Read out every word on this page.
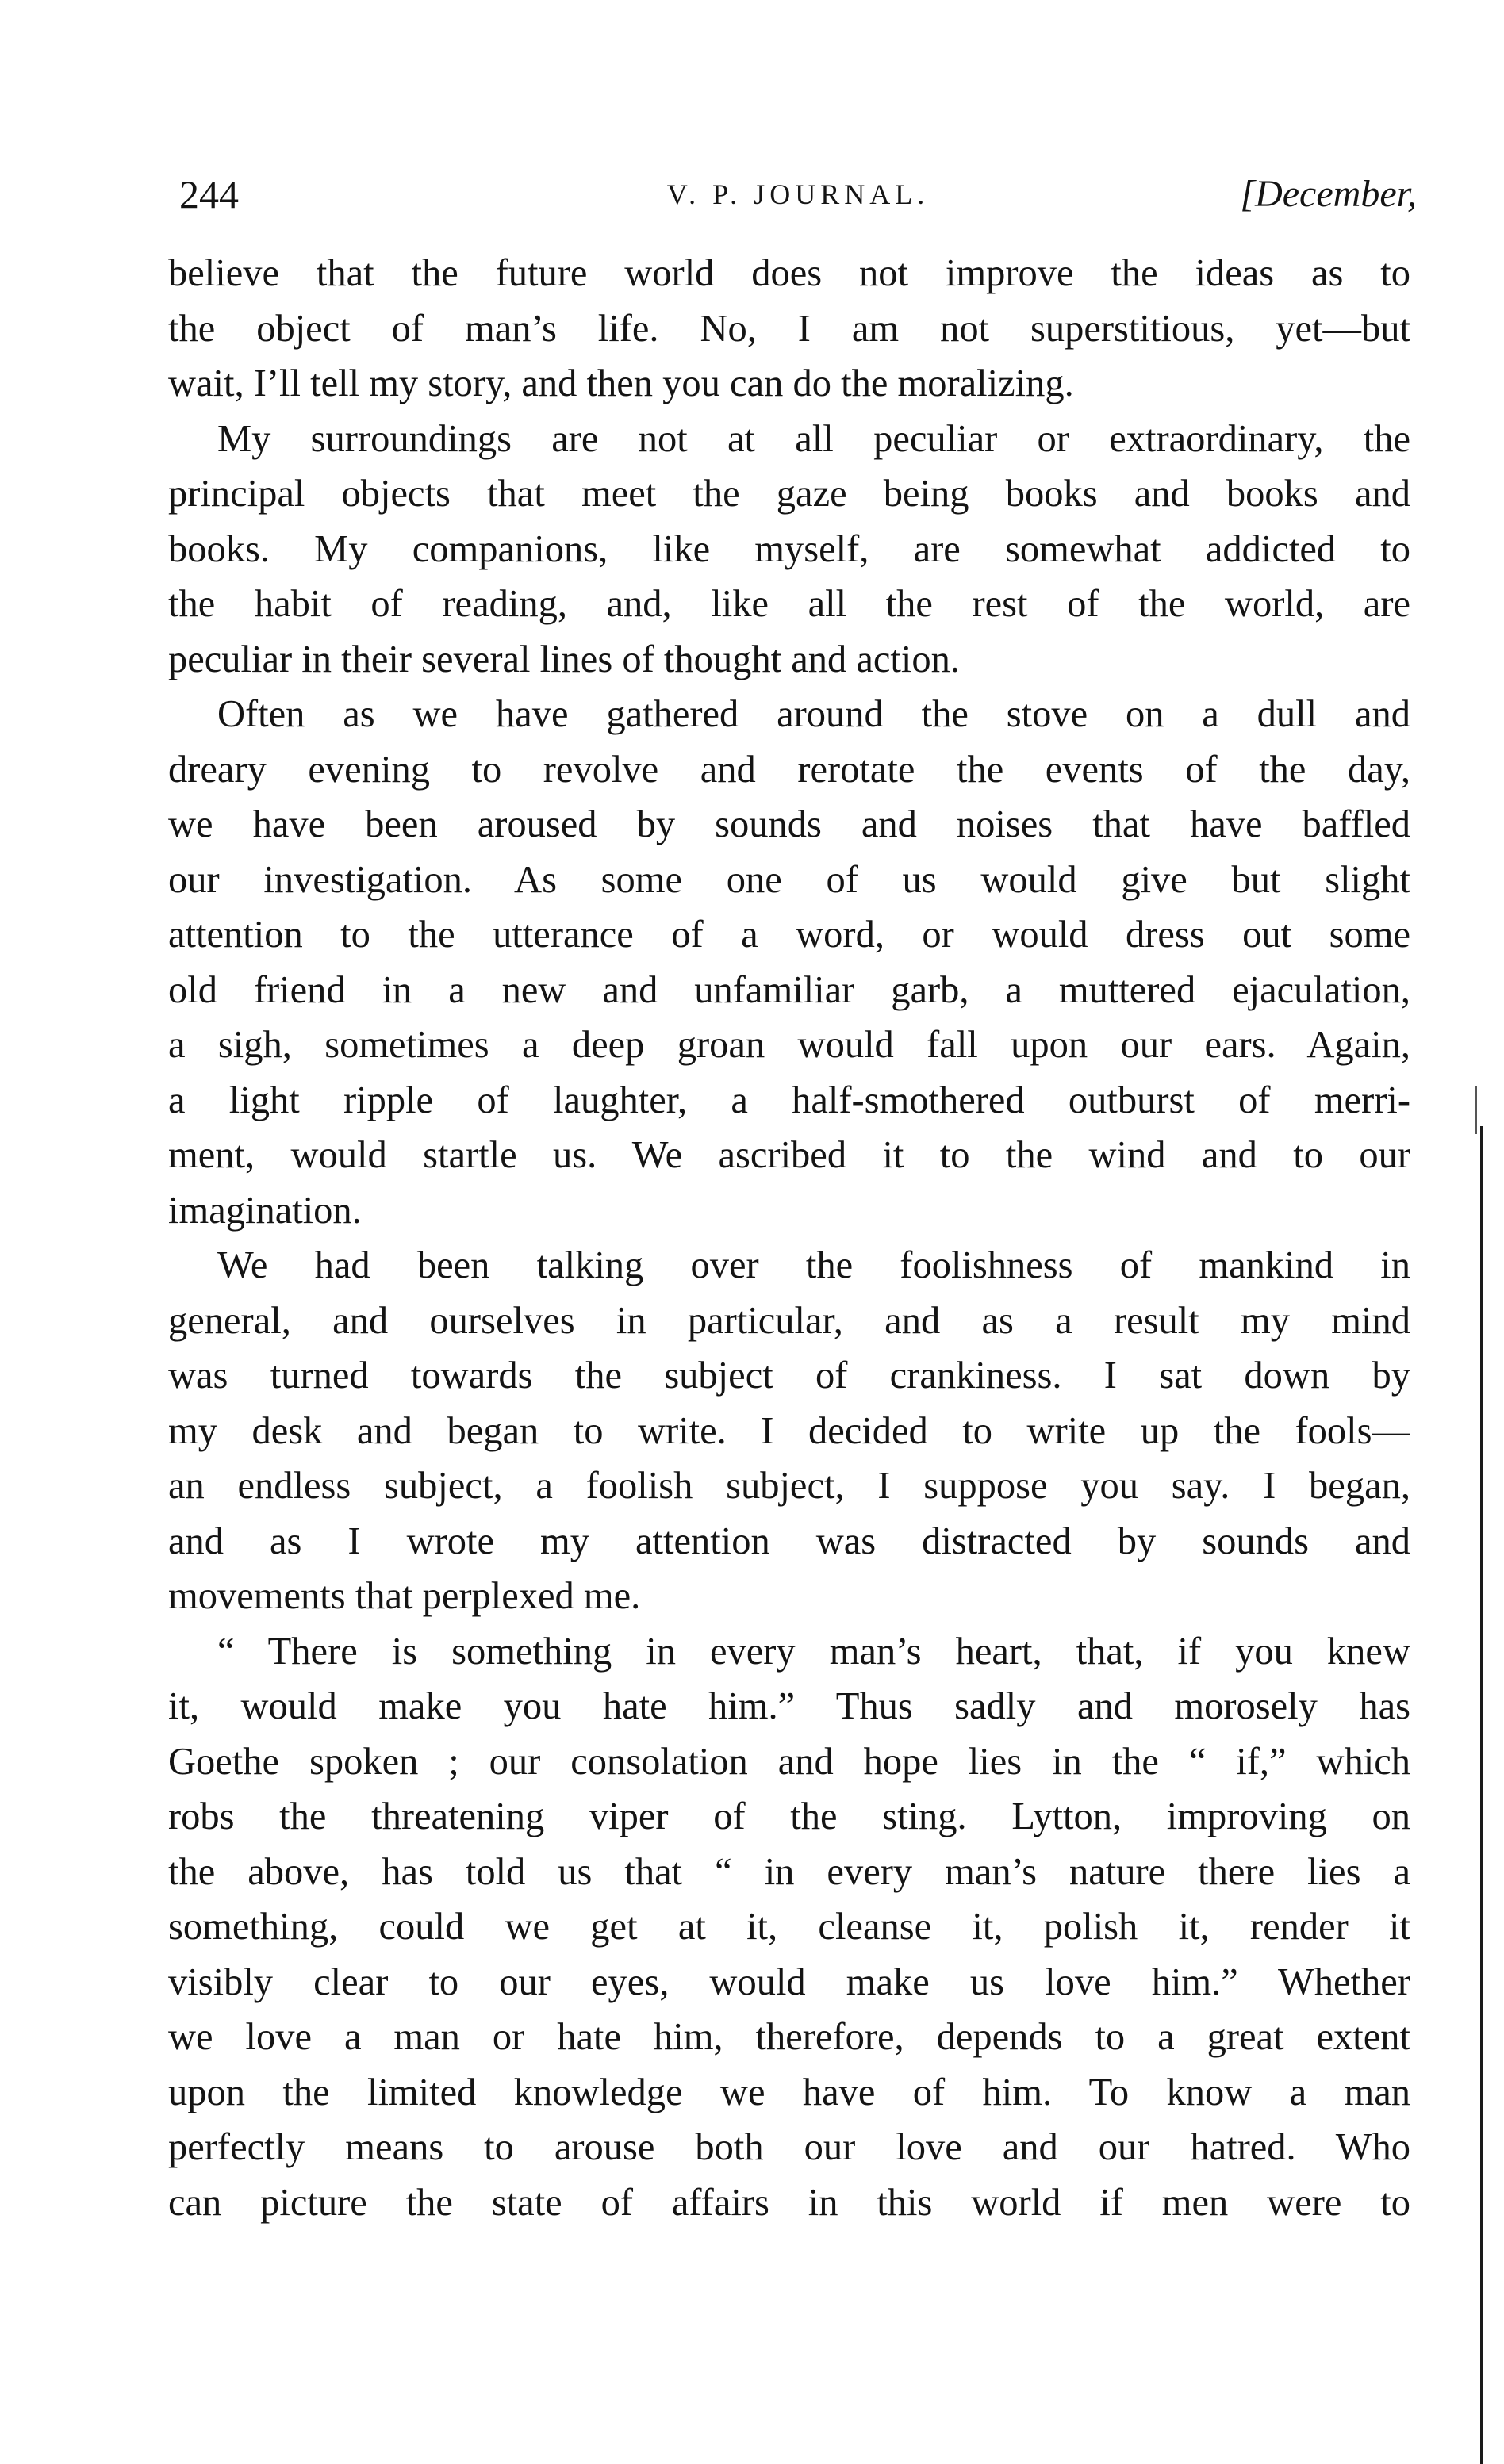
244	V. P. JOURNAL.	[December,
believe that the future world does not improve the ideas as to
the object of man’s life. No, I am not superstitious, yet—but
wait, I’ll tell my story, and then you can do the moralizing.
My surroundings are not at all peculiar or extraordinary, the
principal objects that meet the gaze being books and books and
books. My companions, like myself, are somewhat addicted to
the habit of reading, and, like all the rest of the world, are
peculiar in their several lines of thought and action.
Often as we have gathered around the stove on a dull and
dreary evening to revolve and rerotate the events of the day,
we have been aroused by sounds and noises that have baffled
our investigation. As some one of us would give but slight
attention to the utterance of a word, or would dress out some
old friend in a new and unfamiliar garb, a muttered ejaculation,
a sigh, sometimes a deep groan would fall upon our ears. Again,
a light ripple of laughter, a half-smothered outburst of merri-
ment, would startle us. We ascribed it to the wind and to our
imagination.
We had been talking over the foolishness of mankind in
general, and ourselves in particular, and as a result my mind
was turned towards the subject of crankiness. I sat down by
my desk and began to write. I decided to write up the fools—
an endless subject, a foolish subject, I suppose you say. I began,
and as I wrote my attention was distracted by sounds and
movements that perplexed me.
“ There is something in every man’s heart, that, if you knew
it, would make you hate him.” Thus sadly and morosely has
Goethe spoken ; our consolation and hope lies in the “ if,” which
robs the threatening viper of the sting. Lytton, improving on
the above, has told us that “ in every man’s nature there lies a
something, could we get at it, cleanse it, polish it, render it
visibly clear to our eyes, would make us love him.” Whether
we love a man or hate him, therefore, depends to a great extent
upon the limited knowledge we have of him. To know a man
perfectly means to arouse both our love and our hatred. Who
can picture the state of affairs in this world if men were to
